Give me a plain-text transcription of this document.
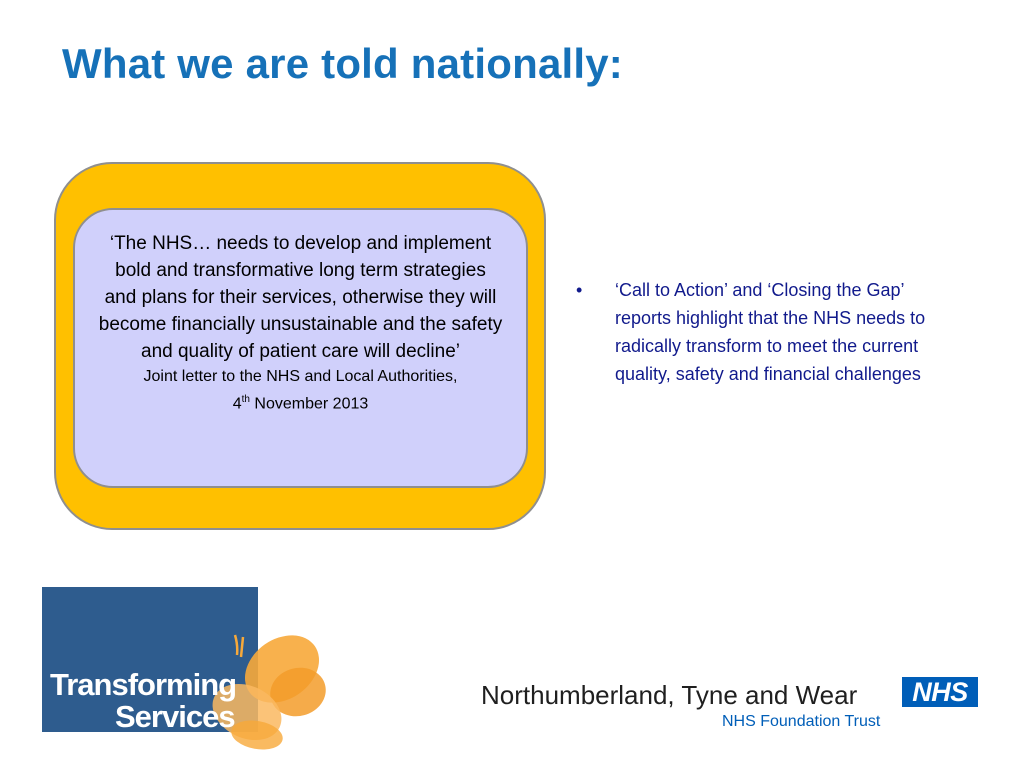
What we are told nationally:
‘The NHS… needs to develop and implement bold and transformative long term strategies and plans for their services, otherwise they will become financially unsustainable and the safety and quality of patient care will decline’
Joint letter to the NHS and Local Authorities,
4th November 2013
• ‘Call to Action’ and ‘Closing the Gap’ reports highlight that the NHS needs to radically transform to meet the current quality, safety and financial challenges
Transforming
Services
Northumberland, Tyne and Wear	NHS
NHS Foundation Trust
